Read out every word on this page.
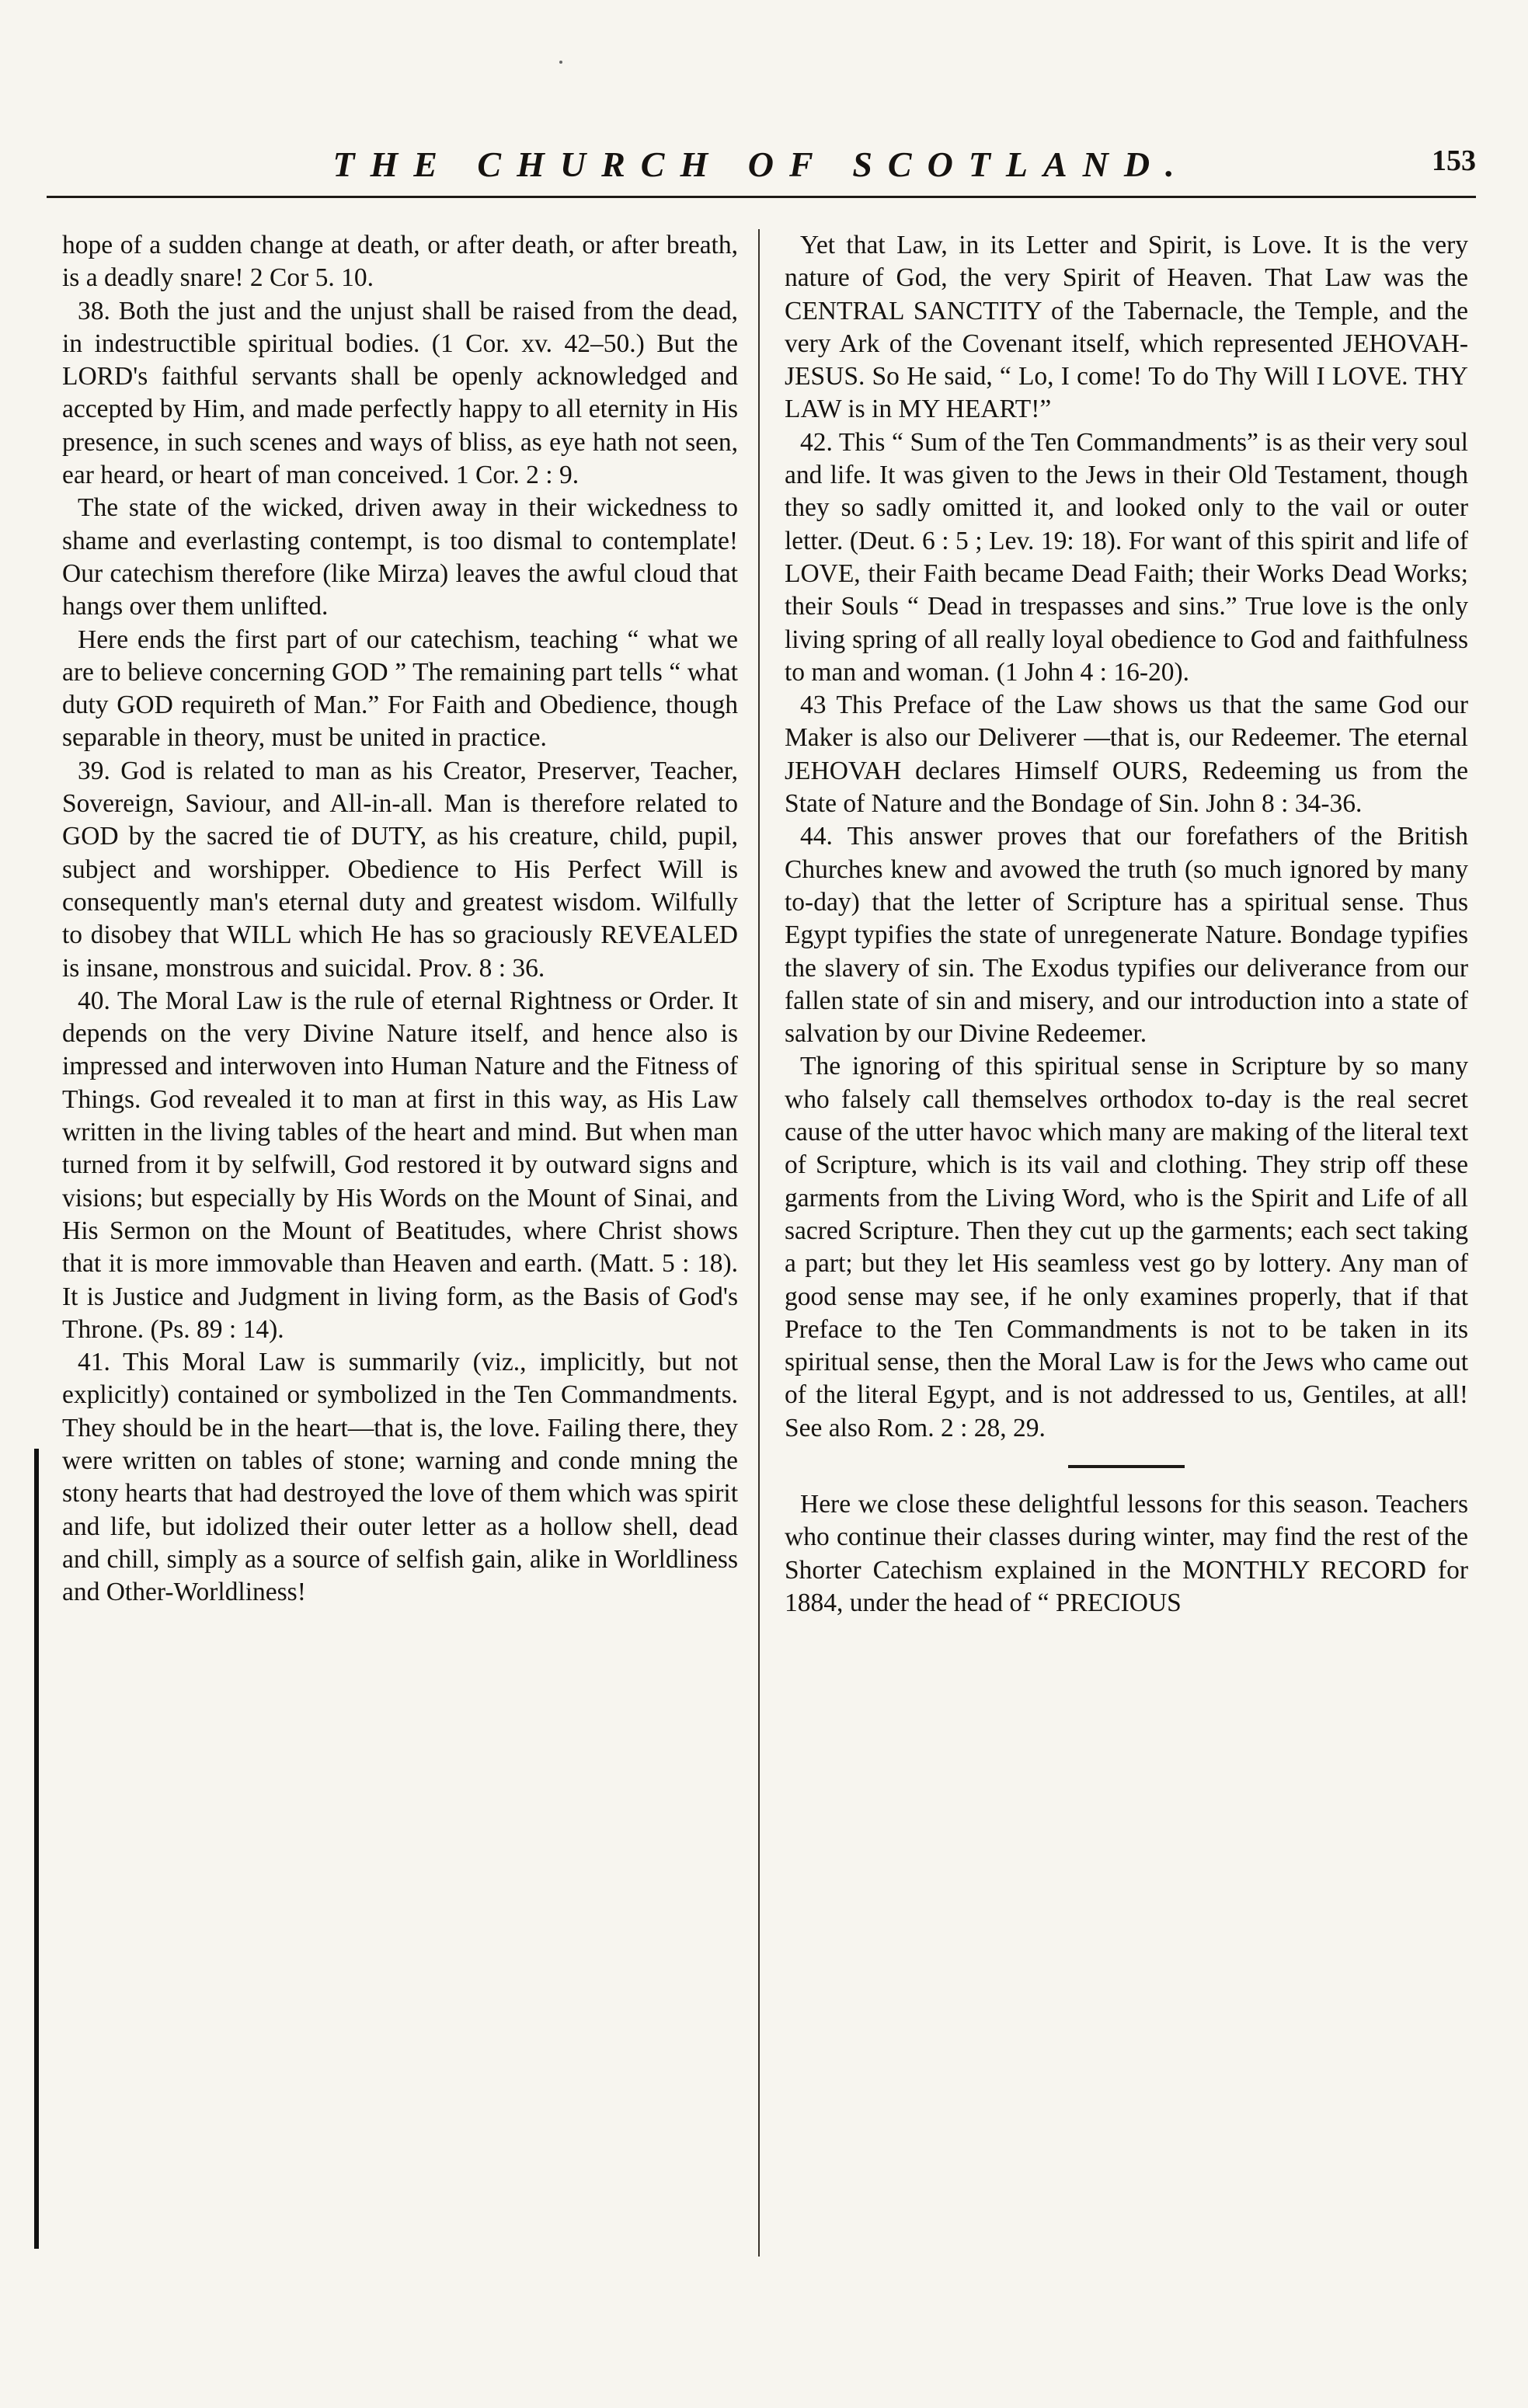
THE CHURCH OF SCOTLAND.	153

hope of a sudden change at death, or after death, or after breath, is a deadly snare! 2 Cor 5. 10.

38. Both the just and the unjust shall be raised from the dead, in indestructible spiritual bodies. (1 Cor. xv. 42–50.) But the LORD's faithful servants shall be openly acknowledged and accepted by Him, and made perfectly happy to all eternity in His presence, in such scenes and ways of bliss, as eye hath not seen, ear heard, or heart of man conceived. 1 Cor. 2 : 9.

The state of the wicked, driven away in their wickedness to shame and everlasting contempt, is too dismal to contemplate! Our catechism therefore (like Mirza) leaves the awful cloud that hangs over them unlifted.

Here ends the first part of our catechism, teaching “ what we are to believe concerning GOD ” The remaining part tells “ what duty GOD requireth of Man.” For Faith and Obedience, though separable in theory, must be united in practice.

39. God is related to man as his Creator, Preserver, Teacher, Sovereign, Saviour, and All-in-all. Man is therefore related to GOD by the sacred tie of DUTY, as his creature, child, pupil, subject and worshipper. Obedience to His Perfect Will is consequently man's eternal duty and greatest wisdom. Wilfully to disobey that WILL which He has so graciously REVEALED is insane, monstrous and suicidal. Prov. 8 : 36.

40. The Moral Law is the rule of eternal Rightness or Order. It depends on the very Divine Nature itself, and hence also is impressed and interwoven into Human Nature and the Fitness of Things. God revealed it to man at first in this way, as His Law written in the living tables of the heart and mind. But when man turned from it by selfwill, God restored it by outward signs and visions; but especially by His Words on the Mount of Sinai, and His Sermon on the Mount of Beatitudes, where Christ shows that it is more immovable than Heaven and earth. (Matt. 5 : 18). It is Justice and Judgment in living form, as the Basis of God's Throne. (Ps. 89 : 14).

41. This Moral Law is summarily (viz., implicitly, but not explicitly) contained or symbolized in the Ten Commandments. They should be in the heart—that is, the love. Failing there, they were written on tables of stone; warning and conde mning the stony hearts that had destroyed the love of them which was spirit and life, but idolized their outer letter as a hollow shell, dead and chill, simply as a source of selfish gain, alike in Worldliness and Other-Worldliness!

Yet that Law, in its Letter and Spirit, is Love. It is the very nature of God, the very Spirit of Heaven. That Law was the CENTRAL SANCTITY of the Tabernacle, the Temple, and the very Ark of the Covenant itself, which represented JEHOVAH-JESUS. So He said, “ Lo, I come! To do Thy Will I LOVE. THY LAW is in MY HEART!”

42. This “ Sum of the Ten Commandments” is as their very soul and life. It was given to the Jews in their Old Testament, though they so sadly omitted it, and looked only to the vail or outer letter. (Deut. 6 : 5 ; Lev. 19: 18). For want of this spirit and life of LOVE, their Faith became Dead Faith; their Works Dead Works; their Souls “ Dead in trespasses and sins.” True love is the only living spring of all really loyal obedience to God and faithfulness to man and woman. (1 John 4 : 16-20).

43 This Preface of the Law shows us that the same God our Maker is also our Deliverer —that is, our Redeemer. The eternal JEHOVAH declares Himself OURS, Redeeming us from the State of Nature and the Bondage of Sin. John 8 : 34-36.

44. This answer proves that our forefathers of the British Churches knew and avowed the truth (so much ignored by many to-day) that the letter of Scripture has a spiritual sense. Thus Egypt typifies the state of unregenerate Nature. Bondage typifies the slavery of sin. The Exodus typifies our deliverance from our fallen state of sin and misery, and our introduction into a state of salvation by our Divine Redeemer.

The ignoring of this spiritual sense in Scripture by so many who falsely call themselves orthodox to-day is the real secret cause of the utter havoc which many are making of the literal text of Scripture, which is its vail and clothing. They strip off these garments from the Living Word, who is the Spirit and Life of all sacred Scripture. Then they cut up the garments; each sect taking a part; but they let His seamless vest go by lottery. Any man of good sense may see, if he only examines properly, that if that Preface to the Ten Commandments is not to be taken in its spiritual sense, then the Moral Law is for the Jews who came out of the literal Egypt, and is not addressed to us, Gentiles, at all! See also Rom. 2 : 28, 29.

Here we close these delightful lessons for this season. Teachers who continue their classes during winter, may find the rest of the Shorter Catechism explained in the MONTHLY RECORD for 1884, under the head of “ PRECIOUS
